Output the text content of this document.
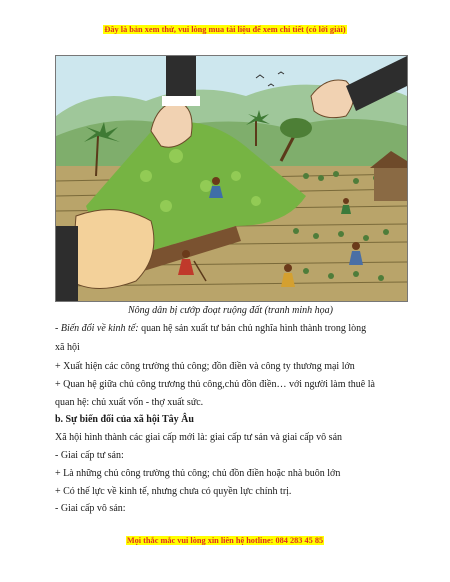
Đây là bản xem thử, vui lòng mua tài liệu để xem chi tiết (có lời giải)
Nông dân bị cướp đoạt ruộng đất (tranh minh họa)
- Biến đổi về kinh tế: quan hệ sản xuất tư bản chủ nghĩa hình thành trong lòng
xã hội
+ Xuất hiện các công trường thủ công; đồn điền và công ty thương mại lớn
+ Quan hệ giữa chủ công trương thủ công,chủ đồn điền… với người làm thuê là
quan hệ: chủ xuất vốn - thợ xuất sức.
b. Sự biến đổi của xã hội Tây Âu
Xã hội hình thành các giai cấp mới là: giai cấp tư sản và giai cấp vô sản
- Giai cấp tư sản:
+ Là những chủ công trường thủ công; chủ đồn điền hoặc nhà buôn lớn
+ Có thế lực về kinh tế, nhưng chưa có quyền lực chính trị.
- Giai cấp vô sản:
Mọi thắc mắc vui lòng xin liên hệ hotline: 084 283 45 85
